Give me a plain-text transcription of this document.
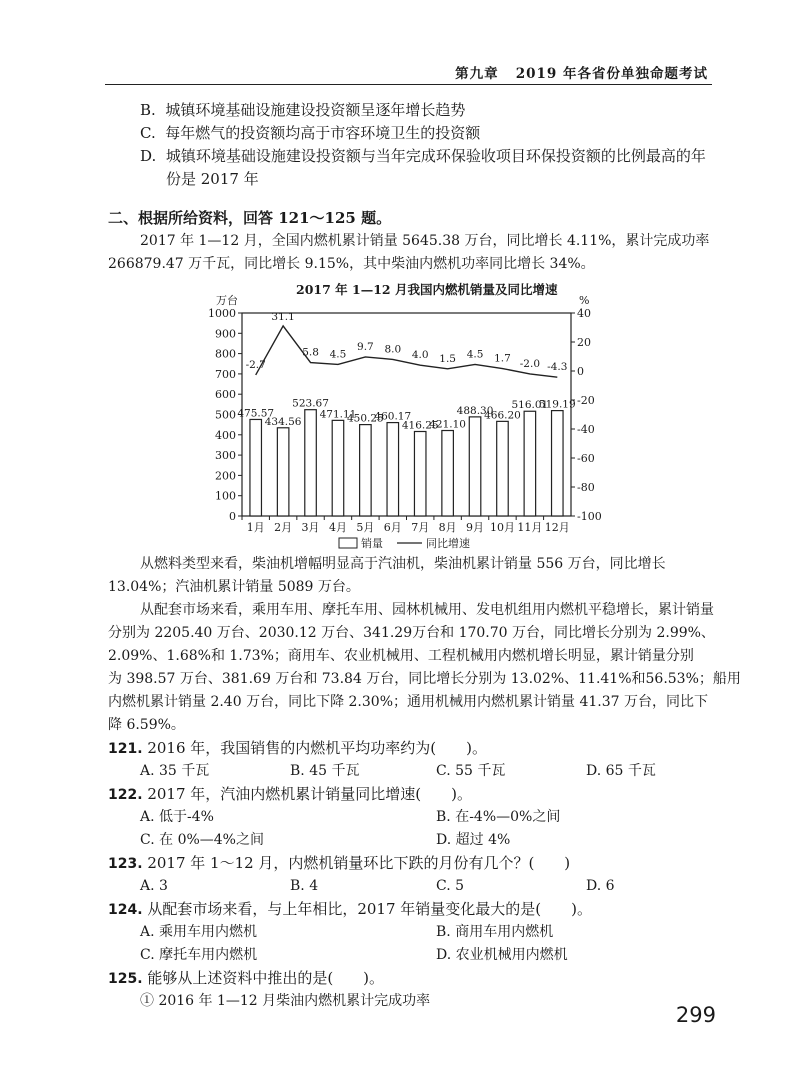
第九章 2019 年各省份单独命题考试
B. 城镇环境基础设施建设投资额呈逐年增长趋势
C. 每年燃气的投资额均高于市容环境卫生的投资额
D. 城镇环境基础设施建设投资额与当年完成环保验收项目环保投资额的比例最高的年
份是 2017 年
二、根据所给资料，回答 121～125 题。
2017 年 1—12 月，全国内燃机累计销量 5645.38 万台，同比增长 4.11%，累计完成功率
266879.47 万千瓦，同比增长 9.15%，其中柴油内燃机功率同比增长 34%。
2017 年 1—12 月我国内燃机销量及同比增速
0
100
200
300
400
500
600
700
800
900
1000	40
20
0
-20
-40
-60
-80
-100
475.57
434.56
523.67
471.11
450.25
460.17
416.25
421.10
488.30
466.20
516.01
519.19
-2.7
31.1
5.8 4.5
9.7 8.0 4.0 1.5 4.5 1.7 -2.0 -4.3
1月 2月 3月 4月 5月 6月 7月 8月 9月 10月 11月 12月
万台	%
销量	同比增速
从燃料类型来看，柴油机增幅明显高于汽油机，柴油机累计销量 556 万台，同比增长
13.04%；汽油机累计销量 5089 万台。
从配套市场来看，乘用车用、摩托车用、园林机械用、发电机组用内燃机平稳增长，累计销量
分别为 2205.40 万台、2030.12 万台、341.29万台和 170.70 万台，同比增长分别为 2.99%、
2.09%、1.68%和 1.73%；商用车、农业机械用、工程机械用内燃机增长明显，累计销量分别
为 398.57 万台、381.69 万台和 73.84 万台，同比增长分别为 13.02%、11.41%和56.53%；船用
内燃机累计销量 2.40 万台，同比下降 2.30%；通用机械用内燃机累计销量 41.37 万台，同比下
降 6.59%。
121. 2016 年，我国销售的内燃机平均功率约为(　　)。
A. 35 千瓦	B. 45 千瓦	C. 55 千瓦	D. 65 千瓦
122. 2017 年，汽油内燃机累计销量同比增速(　　)。
A. 低于-4%	B. 在-4%—0%之间
C. 在 0%—4%之间	D. 超过 4%
123. 2017 年 1～12 月，内燃机销量环比下跌的月份有几个？(　　)
A. 3	B. 4	C. 5	D. 6
124. 从配套市场来看，与上年相比，2017 年销量变化最大的是(　　)。
A. 乘用车用内燃机	B. 商用车用内燃机
C. 摩托车用内燃机	D. 农业机械用内燃机
125. 能够从上述资料中推出的是(　　)。
① 2016 年 1—12 月柴油内燃机累计完成功率
299
